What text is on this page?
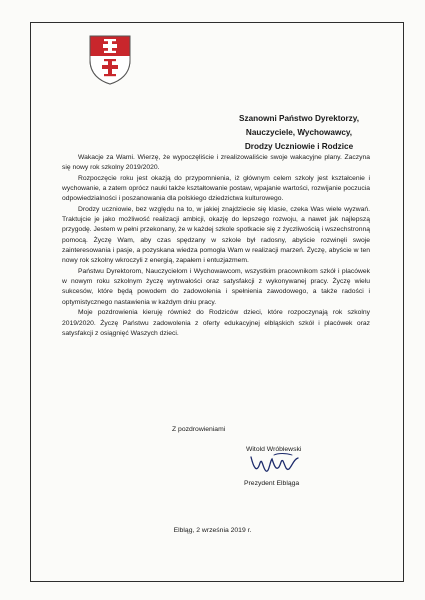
Szanowni Państwo Dyrektorzy,
Nauczyciele, Wychowawcy,
Drodzy Uczniowie i Rodzice

Wakacje za Wami. Wierzę, że wypoczęliście i zrealizowaliście swoje wakacyjne plany. Zaczyna się nowy rok szkolny 2019/2020.

Rozpoczęcie roku jest okazją do przypomnienia, iż głównym celem szkoły jest kształcenie i wychowanie, a zatem oprócz nauki także kształtowanie postaw, wpajanie wartości, rozwijanie poczucia odpowiedzialności i poszanowania dla polskiego dziedzictwa kulturowego.

Drodzy uczniowie, bez względu na to, w jakiej znajdziecie się klasie, czeka Was wiele wyzwań. Traktujcie je jako możliwość realizacji ambicji, okazję do lepszego rozwoju, a nawet jak najlepszą przygodę. Jestem w pełni przekonany, że w każdej szkole spotkacie się z życzliwością i wszechstronną pomocą. Życzę Wam, aby czas spędzany w szkole był radosny, abyście rozwinęli swoje zainteresowania i pasje, a pozyskana wiedza pomogła Wam w realizacji marzeń. Życzę, abyście w ten nowy rok szkolny wkroczyli z energią, zapałem i entuzjazmem.

Państwu Dyrektorom, Nauczycielom i Wychowawcom, wszystkim pracownikom szkół i placówek w nowym roku szkolnym życzę wytrwałości oraz satysfakcji z wykonywanej pracy. Życzę wielu sukcesów, które będą powodem do zadowolenia i spełnienia zawodowego, a także radości i optymistycznego nastawienia w każdym dniu pracy.

Moje pozdrowienia kieruję również do Rodziców dzieci, które rozpoczynają rok szkolny 2019/2020. Życzę Państwu zadowolenia z oferty edukacyjnej elbląskich szkół i placówek oraz satysfakcji z osiągnięć Waszych dzieci.

Z pozdrowieniami
Witold Wróblewski
Prezydent Elbląga
Elbląg, 2 września 2019 r.
